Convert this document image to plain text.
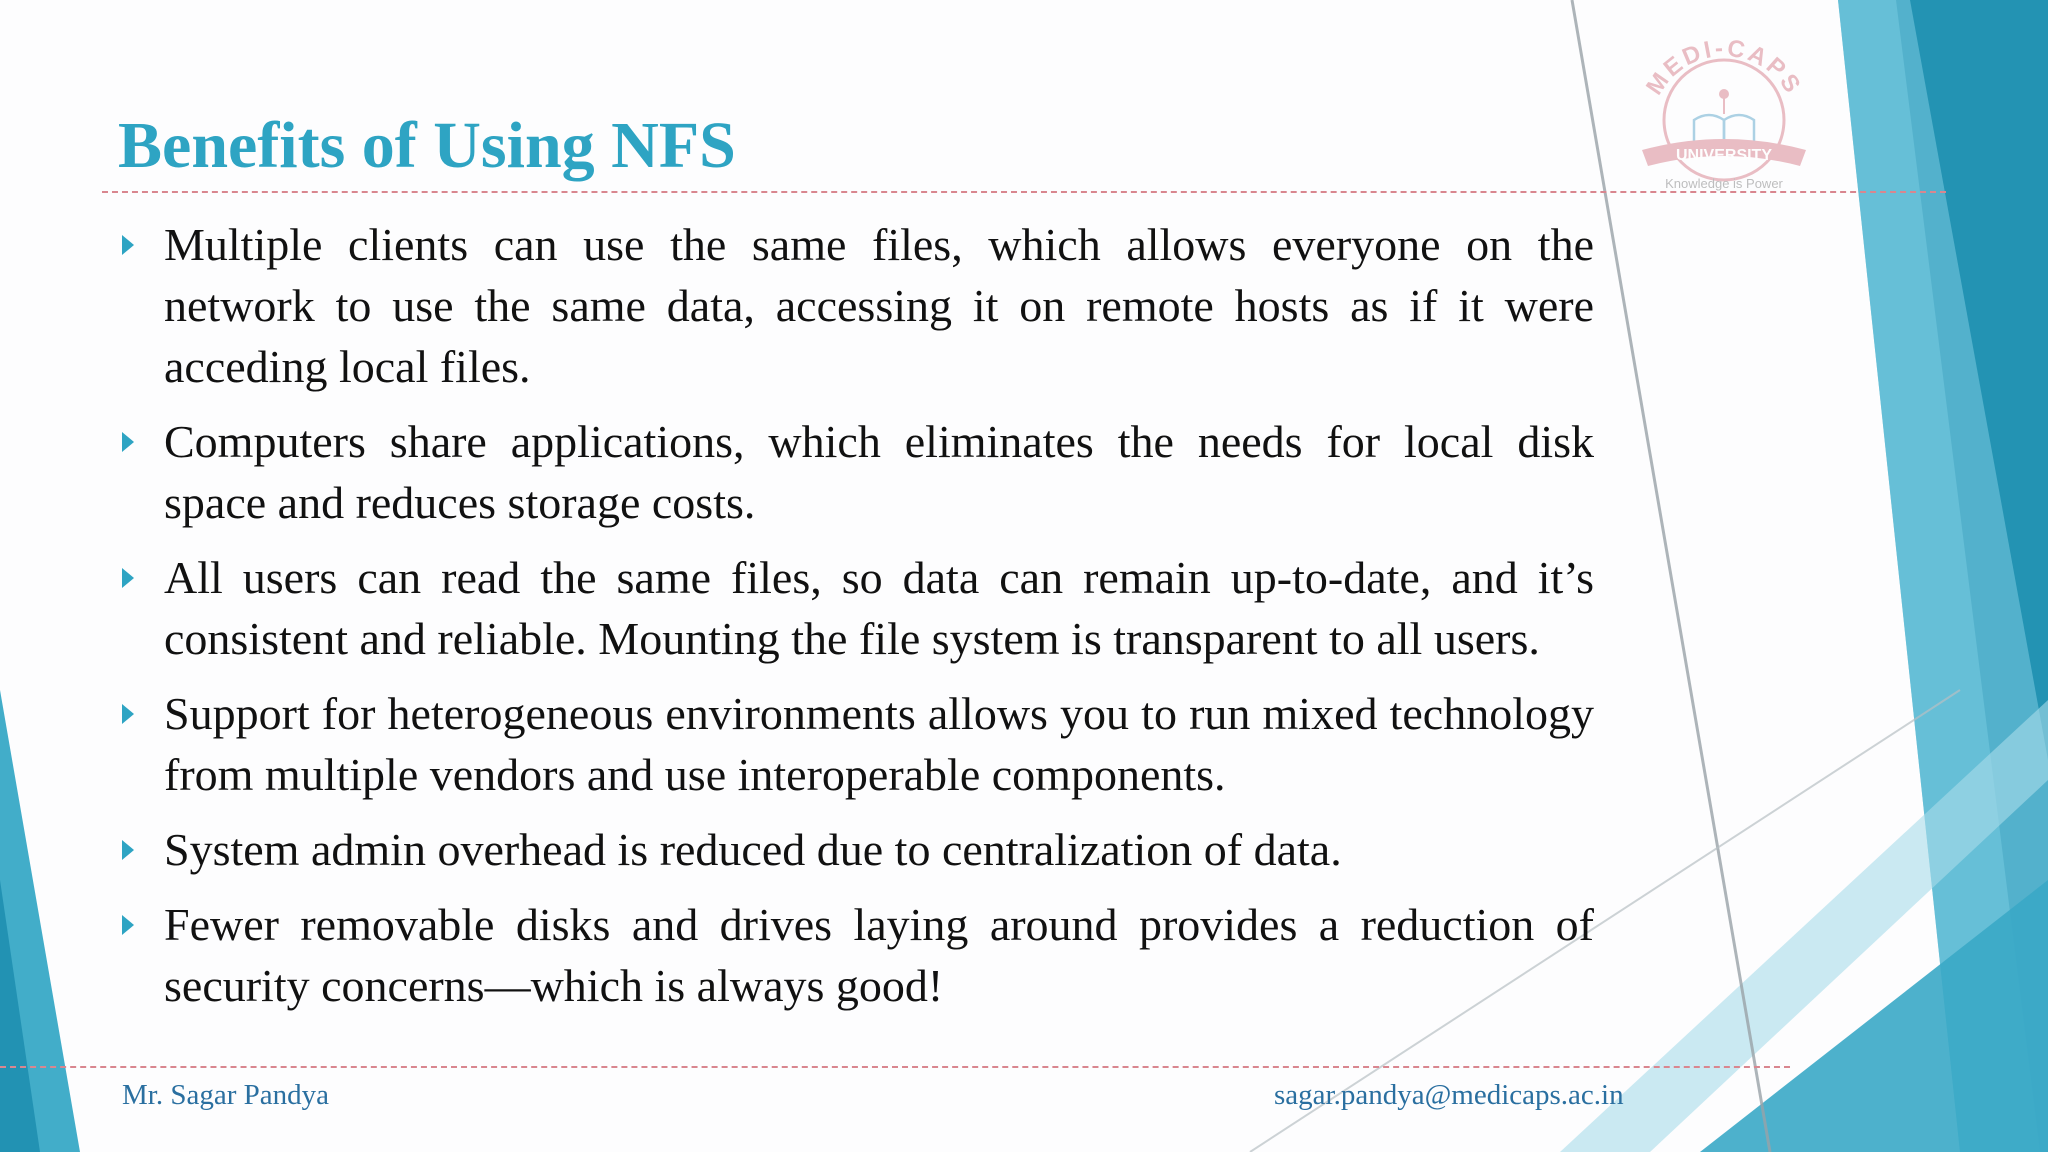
MEDI-CAPS
UNIVERSITY
Knowledge is Power
Benefits of Using NFS
Multiple clients can use the same files, which allows everyone on the network to use the same data, accessing it on remote hosts as if it were acceding local files.
Computers share applications, which eliminates the needs for local disk space and reduces storage costs.
All users can read the same files, so data can remain up-to-date, and it’s consistent and reliable. Mounting the file system is transparent to all users.
Support for heterogeneous environments allows you to run mixed technology from multiple vendors and use interoperable components.
System admin overhead is reduced due to centralization of data.
Fewer removable disks and drives laying around provides a reduction of security concerns—which is always good!
Mr. Sagar Pandya	sagar.pandya@medicaps.ac.in
